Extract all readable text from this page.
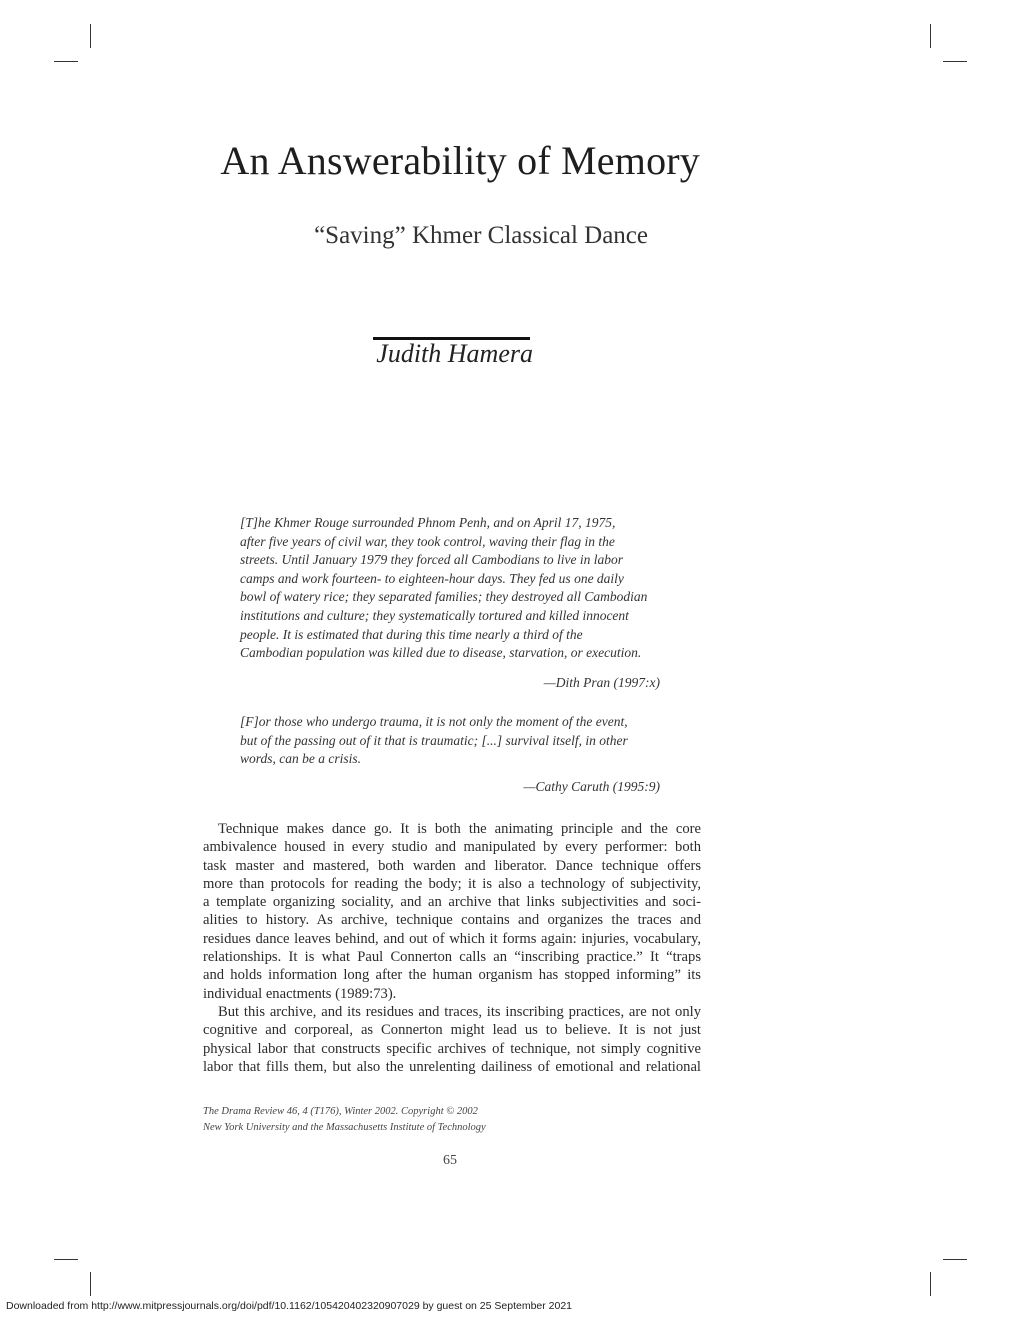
An Answerability of Memory
“Saving” Khmer Classical Dance
Judith Hamera
[T]he Khmer Rouge surrounded Phnom Penh, and on April 17, 1975,
after five years of civil war, they took control, waving their flag in the
streets. Until January 1979 they forced all Cambodians to live in labor
camps and work fourteen- to eighteen-hour days. They fed us one daily
bowl of watery rice; they separated families; they destroyed all Cambodian
institutions and culture; they systematically tortured and killed innocent
people. It is estimated that during this time nearly a third of the
Cambodian population was killed due to disease, starvation, or execution.
—Dith Pran (1997:x)
[F]or those who undergo trauma, it is not only the moment of the event,
but of the passing out of it that is traumatic; [...] survival itself, in other
words, can be a crisis.
—Cathy Caruth (1995:9)
Technique makes dance go. It is both the animating principle and the core
ambivalence housed in every studio and manipulated by every performer: both
task master and mastered, both warden and liberator. Dance technique offers
more than protocols for reading the body; it is also a technology of subjectivity,
a template organizing sociality, and an archive that links subjectivities and soci-
alities to history. As archive, technique contains and organizes the traces and
residues dance leaves behind, and out of which it forms again: injuries, vocabulary,
relationships. It is what Paul Connerton calls an “inscribing practice.” It “traps
and holds information long after the human organism has stopped informing” its
individual enactments (1989:73).
But this archive, and its residues and traces, its inscribing practices, are not only
cognitive and corporeal, as Connerton might lead us to believe. It is not just
physical labor that constructs specific archives of technique, not simply cognitive
labor that fills them, but also the unrelenting dailiness of emotional and relational
The Drama Review 46, 4 (T176), Winter 2002. Copyright © 2002
New York University and the Massachusetts Institute of Technology
65
Downloaded from http://www.mitpressjournals.org/doi/pdf/10.1162/105420402320907029 by guest on 25 September 2021
